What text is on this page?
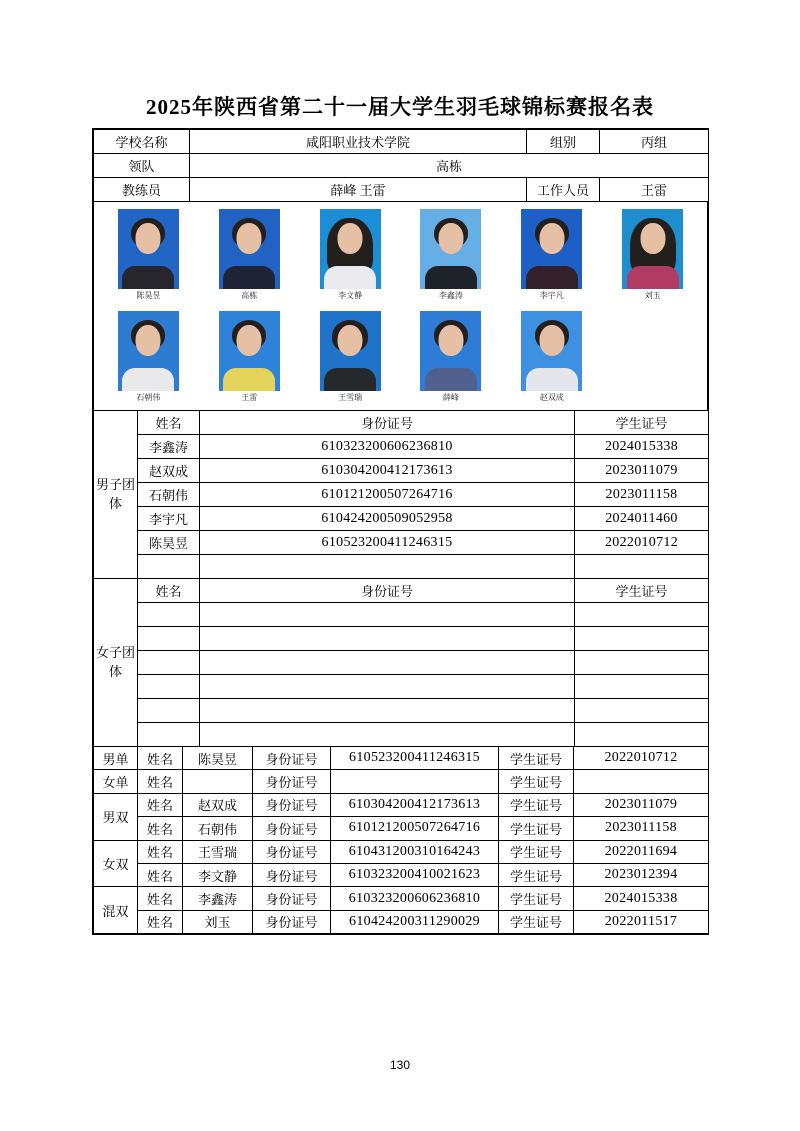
2025年陕西省第二十一届大学生羽毛球锦标赛报名表
学校名称	咸阳职业技术学院	组别	丙组
领队	高栋		
教练员	薛峰 王雷	工作人员	王雷
陈昊昱	高栋	李文静	李鑫涛	李宇凡	刘玉
石朝伟	王雷	王雪瑞	薛峰	赵双成
男子团体	姓名	身份证号	学生证号
	李鑫涛	610323200606236810	2024015338
	赵双成	610304200412173613	2023011079
	石朝伟	610121200507264716	2023011158
	李宇凡	610424200509052958	2024011460
	陈昊昱	610523200411246315	2022010712

女子团体	姓名	身份证号	学生证号

男单	姓名	陈昊昱	身份证号	610523200411246315	学生证号	2022010712
女单	姓名		身份证号		学生证号	
男双	姓名	赵双成	身份证号	610304200412173613	学生证号	2023011079
	姓名	石朝伟	身份证号	610121200507264716	学生证号	2023011158
女双	姓名	王雪瑞	身份证号	610431200310164243	学生证号	2022011694
	姓名	李文静	身份证号	610323200410021623	学生证号	2023012394
混双	姓名	李鑫涛	身份证号	610323200606236810	学生证号	2024015338
	姓名	刘玉	身份证号	610424200311290029	学生证号	2022011517
130
